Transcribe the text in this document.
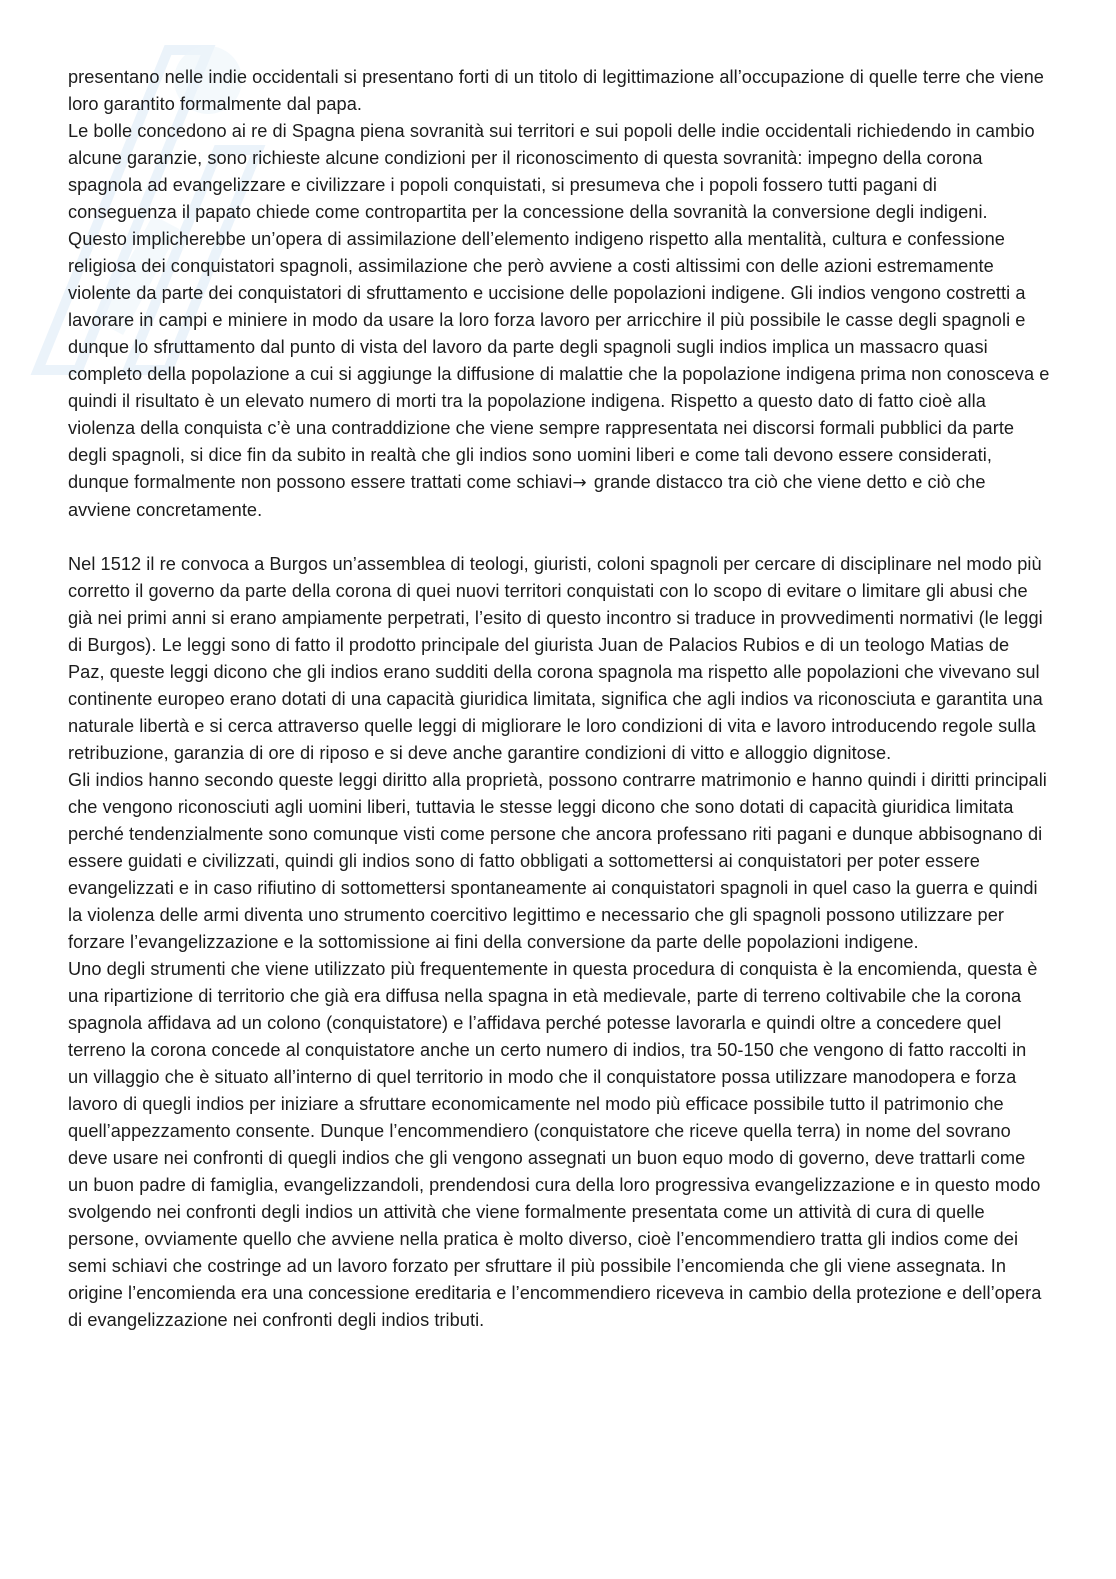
presentano nelle indie occidentali si presentano forti di un titolo di legittimazione all’occupazione di quelle terre che viene loro garantito formalmente dal papa.

Le bolle concedono ai re di Spagna piena sovranità sui territori e sui popoli delle indie occidentali richiedendo in cambio alcune garanzie, sono richieste alcune condizioni per il riconoscimento di questa sovranità: impegno della corona spagnola ad evangelizzare e civilizzare i popoli conquistati, si presumeva che i popoli fossero tutti pagani di conseguenza il papato chiede come contropartita per la concessione della sovranità la conversione degli indigeni. Questo implicherebbe un’opera di assimilazione dell’elemento indigeno rispetto alla mentalità, cultura e confessione religiosa dei conquistatori spagnoli, assimilazione che però avviene a costi altissimi con delle azioni estremamente violente da parte dei conquistatori di sfruttamento e uccisione delle popolazioni indigene. Gli indios vengono costretti a lavorare in campi e miniere in modo da usare la loro forza lavoro per arricchire il più possibile le casse degli spagnoli e dunque lo sfruttamento dal punto di vista del lavoro da parte degli spagnoli sugli indios implica un massacro quasi completo della popolazione a cui si aggiunge la diffusione di malattie che la popolazione indigena prima non conosceva e quindi il risultato è un elevato numero di morti tra la popolazione indigena. Rispetto a questo dato di fatto cioè alla violenza della conquista c’è una contraddizione che viene sempre rappresentata nei discorsi formali pubblici da parte degli spagnoli, si dice fin da subito in realtà che gli indios sono uomini liberi e come tali devono essere considerati, dunque formalmente non possono essere trattati come schiavi→ grande distacco tra ciò che viene detto e ciò che avviene concretamente.

Nel 1512 il re convoca a Burgos un’assemblea di teologi, giuristi, coloni spagnoli per cercare di disciplinare nel modo più corretto il governo da parte della corona di quei nuovi territori conquistati con lo scopo di evitare o limitare gli abusi che già nei primi anni si erano ampiamente perpetrati, l’esito di questo incontro si traduce in provvedimenti normativi (le leggi di Burgos). Le leggi sono di fatto il prodotto principale del giurista Juan de Palacios Rubios e di un teologo Matias de Paz, queste leggi dicono che gli indios erano sudditi della corona spagnola ma rispetto alle popolazioni che vivevano sul continente europeo erano dotati di una capacità giuridica limitata, significa che agli indios va riconosciuta e garantita una naturale libertà e si cerca attraverso quelle leggi di migliorare le loro condizioni di vita e lavoro introducendo regole sulla retribuzione, garanzia di ore di riposo e si deve anche garantire condizioni di vitto e alloggio dignitose.

Gli indios hanno secondo queste leggi diritto alla proprietà, possono contrarre matrimonio e hanno quindi i diritti principali che vengono riconosciuti agli uomini liberi, tuttavia le stesse leggi dicono che sono dotati di capacità giuridica limitata perché tendenzialmente sono comunque visti come persone che ancora professano riti pagani e dunque abbisognano di essere guidati e civilizzati, quindi gli indios sono di fatto obbligati a sottomettersi ai conquistatori per poter essere evangelizzati e in caso rifiutino di sottomettersi spontaneamente ai conquistatori spagnoli in quel caso la guerra e quindi la violenza delle armi diventa uno strumento coercitivo legittimo e necessario che gli spagnoli possono utilizzare per forzare l’evangelizzazione e la sottomissione ai fini della conversione da parte delle popolazioni indigene.

Uno degli strumenti che viene utilizzato più frequentemente in questa procedura di conquista è la encomienda, questa è una ripartizione di territorio che già era diffusa nella spagna in età medievale, parte di terreno coltivabile che la corona spagnola affidava ad un colono (conquistatore) e l’affidava perché potesse lavorarla e quindi oltre a concedere quel terreno la corona concede al conquistatore anche un certo numero di indios, tra 50-150 che vengono di fatto raccolti in un villaggio che è situato all’interno di quel territorio in modo che il conquistatore possa utilizzare manodopera e forza lavoro di quegli indios per iniziare a sfruttare economicamente nel modo più efficace possibile tutto il patrimonio che quell’appezzamento consente. Dunque l’encommendiero (conquistatore che riceve quella terra) in nome del sovrano deve usare nei confronti di quegli indios che gli vengono assegnati un buon equo modo di governo, deve trattarli come un buon padre di famiglia, evangelizzandoli, prendendosi cura della loro progressiva evangelizzazione e in questo modo svolgendo nei confronti degli indios un attività che viene formalmente presentata come un attività di cura di quelle persone, ovviamente quello che avviene nella pratica è molto diverso, cioè l’encommendiero tratta gli indios come dei semi schiavi che costringe ad un lavoro forzato per sfruttare il più possibile l’encomienda che gli viene assegnata. In origine l’encomienda era una concessione ereditaria e l’encommendiero riceveva in cambio della protezione e dell’opera di evangelizzazione nei confronti degli indios tributi.
